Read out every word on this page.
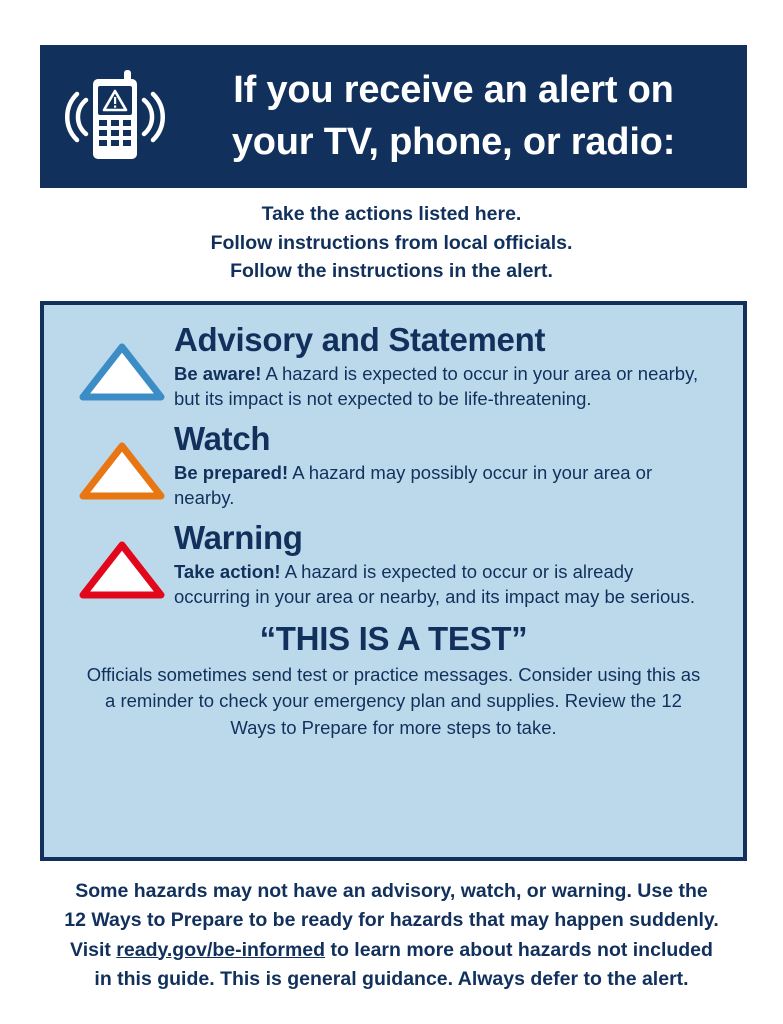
If you receive an alert on
your TV, phone, or radio:
Take the actions listed here.
Follow instructions from local officials.
Follow the instructions in the alert.
Advisory and Statement

Be aware! A hazard is expected to occur in your area or nearby, but its impact is not expected to be life-threatening.

Watch

Be prepared! A hazard may possibly occur in your area or nearby.

Warning

Take action! A hazard is expected to occur or is already occurring in your area or nearby, and its impact may be serious.

“THIS IS A TEST”

Officials sometimes send test or practice messages. Consider using this as a reminder to check your emergency plan and supplies. Review the 12 Ways to Prepare for more steps to take.

Some hazards may not have an advisory, watch, or warning. Use the
12 Ways to Prepare to be ready for hazards that may happen suddenly.
Visit ready.gov/be-informed to learn more about hazards not included
in this guide. This is general guidance. Always defer to the alert.
